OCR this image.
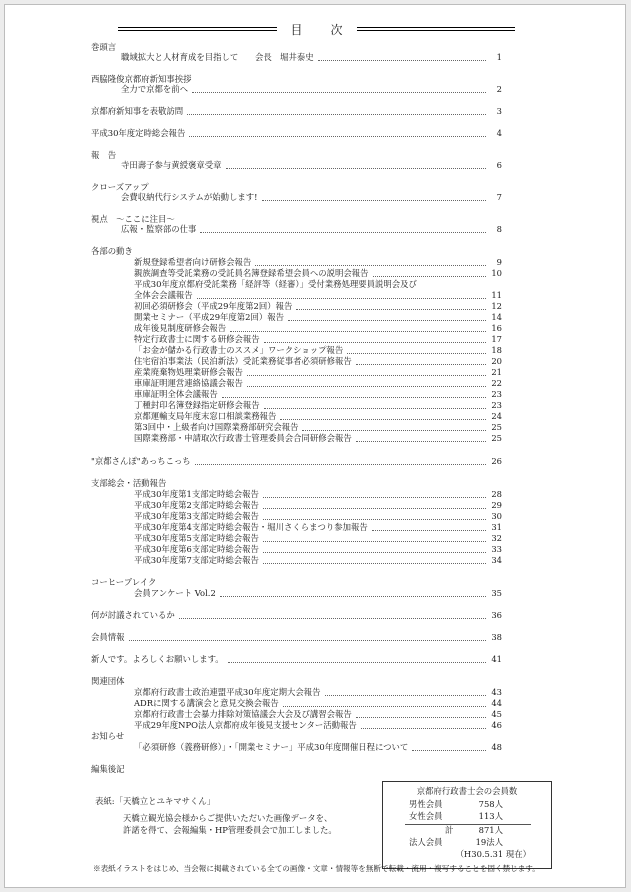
目次
巻頭言
職域拡大と人材育成を目指して　　会長　堀井泰史	1
西脇隆俊京都府新知事挨拶
全力で京都を前へ	2
京都府新知事を表敬訪問	3
平成30年度定時総会報告	4
報　告
寺田壽子参与黄綬褒章受章	6
クローズアップ
会費収納代行システムが始動します!	7
視点　〜ここに注目〜
広報・監察部の仕事	8
各部の動き
新規登録希望者向け研修会報告	9
親族調査等受託業務の受託員名簿登録希望会員への説明会報告	10
平成30年度京都府受託業務「経評等（経審）」受付業務処理要員説明会及び
全体会会議報告	11
初回必須研修会（平成29年度第2回）報告	12
開業セミナー（平成29年度第2回）報告	14
成年後見制度研修会報告	16
特定行政書士に関する研修会報告	17
「お金が儲かる行政書士のススメ」ワークショップ報告	18
住宅宿泊事業法（民泊新法）受託業務従事者必須研修報告	20
産業廃棄物処理業研修会報告	21
車庫証明運営連絡協議会報告	22
車庫証明全体会議報告	23
丁種封印名簿登録指定研修会報告	23
京都運輸支局年度末窓口相談業務報告	24
第3回中・上級者向け国際業務部研究会報告	25
国際業務部・申請取次行政書士管理委員会合同研修会報告	25
"京都さんぽ"あっちこっち	26
支部総会・活動報告
平成30年度第1支部定時総会報告	28
平成30年度第2支部定時総会報告	29
平成30年度第3支部定時総会報告	30
平成30年度第4支部定時総会報告・堀川さくらまつり参加報告	31
平成30年度第5支部定時総会報告	32
平成30年度第6支部定時総会報告	33
平成30年度第7支部定時総会報告	34
コーヒーブレイク
会員アンケート Vol.2	35
何が討議されているか	36
会員情報	38
新人です。よろしくお願いします。	41
関連団体
京都府行政書士政治連盟平成30年度定期大会報告	43
ADRに関する講演会と意見交換会報告	44
京都府行政書士会暴力排除対策協議会大会及び講習会報告	45
平成29年度NPO法人京都府成年後見支援センター活動報告	46
お知らせ
「必須研修（義務研修）」・「開業セミナー」平成30年度開催日程について	48
編集後記
表紙:「天橋立とユキマサくん」
天橋立観光協会様からご提供いただいた画像データを、
許諾を得て、会報編集・HP管理委員会で加工しました。
京都府行政書士会の会員数
男性会員	758人
女性会員	113人
計	871人
法人会員	19法人
（H30.5.31 現在）
※表紙イラストをはじめ、当会報に掲載されている全ての画像・文章・情報等を無断で転載・流用・複写することを固く禁じます。
